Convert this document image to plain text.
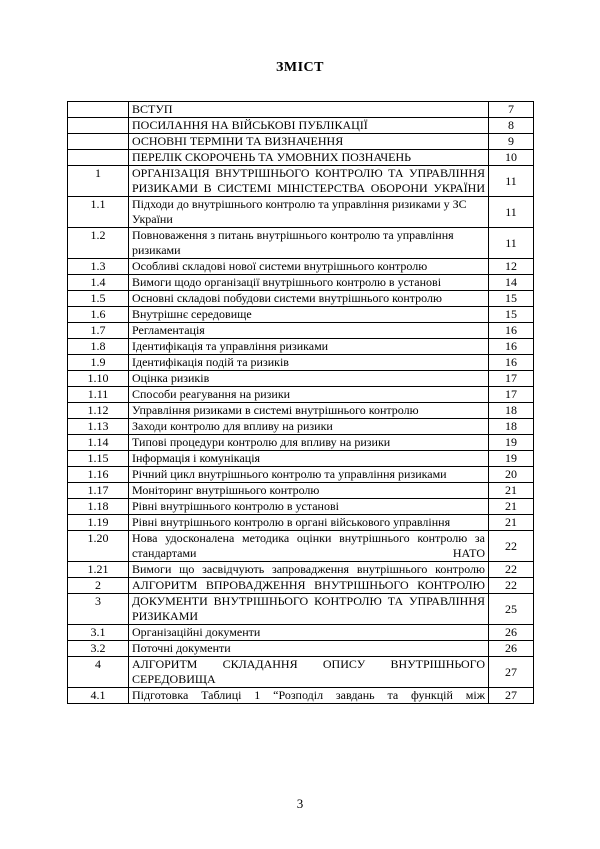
ЗМІСТ
	ВСТУП	7
	ПОСИЛАННЯ НА ВІЙСЬКОВІ ПУБЛІКАЦІЇ	8
	ОСНОВНІ ТЕРМІНИ ТА ВИЗНАЧЕННЯ	9
	ПЕРЕЛІК СКОРОЧЕНЬ ТА УМОВНИХ ПОЗНАЧЕНЬ	10
1	ОРГАНІЗАЦІЯ ВНУТРІШНЬОГО КОНТРОЛЮ ТА УПРАВЛІННЯ РИЗИКАМИ В СИСТЕМІ МІНІСТЕРСТВА ОБОРОНИ УКРАЇНИ	11
1.1	Підходи до внутрішнього контролю та управління ризиками у ЗС України	11
1.2	Повноваження з питань внутрішнього контролю та управління ризиками	11
1.3	Особливі складові нової системи внутрішнього контролю	12
1.4	Вимоги щодо організації внутрішнього контролю в установі	14
1.5	Основні складові побудови системи внутрішнього контролю	15
1.6	Внутрішнє середовище	15
1.7	Регламентація	16
1.8	Ідентифікація та управління ризиками	16
1.9	Ідентифікація подій та ризиків	16
1.10	Оцінка ризиків	17
1.11	Способи реагування на ризики	17
1.12	Управління ризиками в системі внутрішнього контролю	18
1.13	Заходи контролю для впливу на ризики	18
1.14	Типові процедури контролю для впливу на ризики	19
1.15	Інформація і комунікація	19
1.16	Річний цикл внутрішнього контролю та управління ризиками	20
1.17	Моніторинг внутрішнього контролю	21
1.18	Рівні внутрішнього контролю в установі	21
1.19	Рівні внутрішнього контролю в органі військового управління	21
1.20	Нова удосконалена методика оцінки внутрішнього контролю за стандартами НАТО	22
1.21	Вимоги що засвідчують запровадження внутрішнього контролю	22
2	АЛГОРИТМ ВПРОВАДЖЕННЯ ВНУТРІШНЬОГО КОНТРОЛЮ	22
3	ДОКУМЕНТИ ВНУТРІШНЬОГО КОНТРОЛЮ ТА УПРАВЛІННЯ РИЗИКАМИ	25
3.1	Організаційні документи	26
3.2	Поточні документи	26
4	АЛГОРИТМ СКЛАДАННЯ ОПИСУ ВНУТРІШНЬОГО СЕРЕДОВИЩА	27
4.1	Підготовка Таблиці 1 “Розподіл завдань та функцій між	27
3
